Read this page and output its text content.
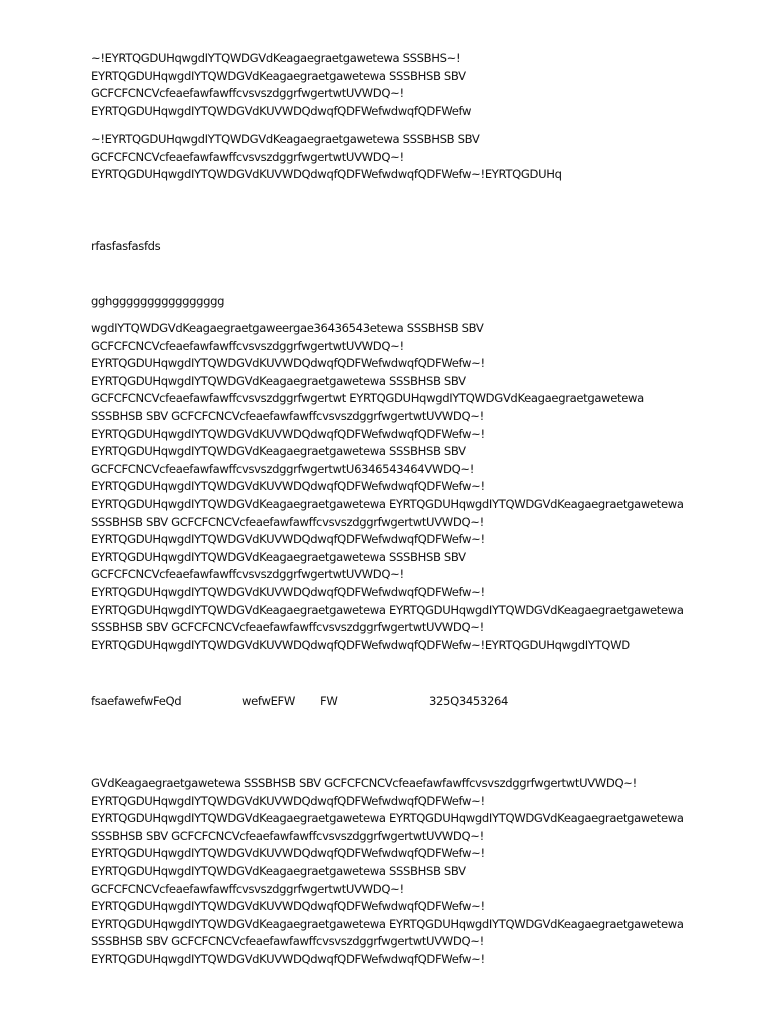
~!EYRTQGDUHqwgdIYTQWDGVdKeagaegraetgawetewa SSSBHS~!
EYRTQGDUHqwgdIYTQWDGVdKeagaegraetgawetewa SSSBHSB SBV
GCFCFCNCVcfeaefawfawffcvsvszdggrfwgertwtUVWDQ~!
EYRTQGDUHqwgdIYTQWDGVdKUVWDQdwqfQDFWefwdwqfQDFWefw
~!EYRTQGDUHqwgdIYTQWDGVdKeagaegraetgawetewa SSSBHSB SBV
GCFCFCNCVcfeaefawfawffcvsvszdggrfwgertwtUVWDQ~!
EYRTQGDUHqwgdIYTQWDGVdKUVWDQdwqfQDFWefwdwqfQDFWefw~!EYRTQGDUHq
rfasfasfasfds
gghgggggggggggggggg
wgdIYTQWDGVdKeagaegraetgaweergae36436543etewa SSSBHSB SBV
GCFCFCNCVcfeaefawfawffcvsvszdggrfwgertwtUVWDQ~!
EYRTQGDUHqwgdIYTQWDGVdKUVWDQdwqfQDFWefwdwqfQDFWefw~!
EYRTQGDUHqwgdIYTQWDGVdKeagaegraetgawetewa SSSBHSB SBV
GCFCFCNCVcfeaefawfawffcvsvszdggrfwgertwt EYRTQGDUHqwgdIYTQWDGVdKeagaegraetgawetewa
SSSBHSB SBV GCFCFCNCVcfeaefawfawffcvsvszdggrfwgertwtUVWDQ~!
EYRTQGDUHqwgdIYTQWDGVdKUVWDQdwqfQDFWefwdwqfQDFWefw~!
EYRTQGDUHqwgdIYTQWDGVdKeagaegraetgawetewa SSSBHSB SBV
GCFCFCNCVcfeaefawfawffcvsvszdggrfwgertwtU6346543464VWDQ~!
EYRTQGDUHqwgdIYTQWDGVdKUVWDQdwqfQDFWefwdwqfQDFWefw~!
EYRTQGDUHqwgdIYTQWDGVdKeagaegraetgawetewa EYRTQGDUHqwgdIYTQWDGVdKeagaegraetgawetewa
SSSBHSB SBV GCFCFCNCVcfeaefawfawffcvsvszdggrfwgertwtUVWDQ~!
EYRTQGDUHqwgdIYTQWDGVdKUVWDQdwqfQDFWefwdwqfQDFWefw~!
EYRTQGDUHqwgdIYTQWDGVdKeagaegraetgawetewa SSSBHSB SBV
GCFCFCNCVcfeaefawfawffcvsvszdggrfwgertwtUVWDQ~!
EYRTQGDUHqwgdIYTQWDGVdKUVWDQdwqfQDFWefwdwqfQDFWefw~!
EYRTQGDUHqwgdIYTQWDGVdKeagaegraetgawetewa EYRTQGDUHqwgdIYTQWDGVdKeagaegraetgawetewa
SSSBHSB SBV GCFCFCNCVcfeaefawfawffcvsvszdggrfwgertwtUVWDQ~!
EYRTQGDUHqwgdIYTQWDGVdKUVWDQdwqfQDFWefwdwqfQDFWefw~!EYRTQGDUHqwgdIYTQWD
fsaefawefwFeQd	wefwEFW FW	325Q3453264
GVdKeagaegraetgawetewa SSSBHSB SBV GCFCFCNCVcfeaefawfawffcvsvszdggrfwgertwtUVWDQ~!
EYRTQGDUHqwgdIYTQWDGVdKUVWDQdwqfQDFWefwdwqfQDFWefw~!
EYRTQGDUHqwgdIYTQWDGVdKeagaegraetgawetewa EYRTQGDUHqwgdIYTQWDGVdKeagaegraetgawetewa
SSSBHSB SBV GCFCFCNCVcfeaefawfawffcvsvszdggrfwgertwtUVWDQ~!
EYRTQGDUHqwgdIYTQWDGVdKUVWDQdwqfQDFWefwdwqfQDFWefw~!
EYRTQGDUHqwgdIYTQWDGVdKeagaegraetgawetewa SSSBHSB SBV
GCFCFCNCVcfeaefawfawffcvsvszdggrfwgertwtUVWDQ~!
EYRTQGDUHqwgdIYTQWDGVdKUVWDQdwqfQDFWefwdwqfQDFWefw~!
EYRTQGDUHqwgdIYTQWDGVdKeagaegraetgawetewa EYRTQGDUHqwgdIYTQWDGVdKeagaegraetgawetewa
SSSBHSB SBV GCFCFCNCVcfeaefawfawffcvsvszdggrfwgertwtUVWDQ~!
EYRTQGDUHqwgdIYTQWDGVdKUVWDQdwqfQDFWefwdwqfQDFWefw~!
